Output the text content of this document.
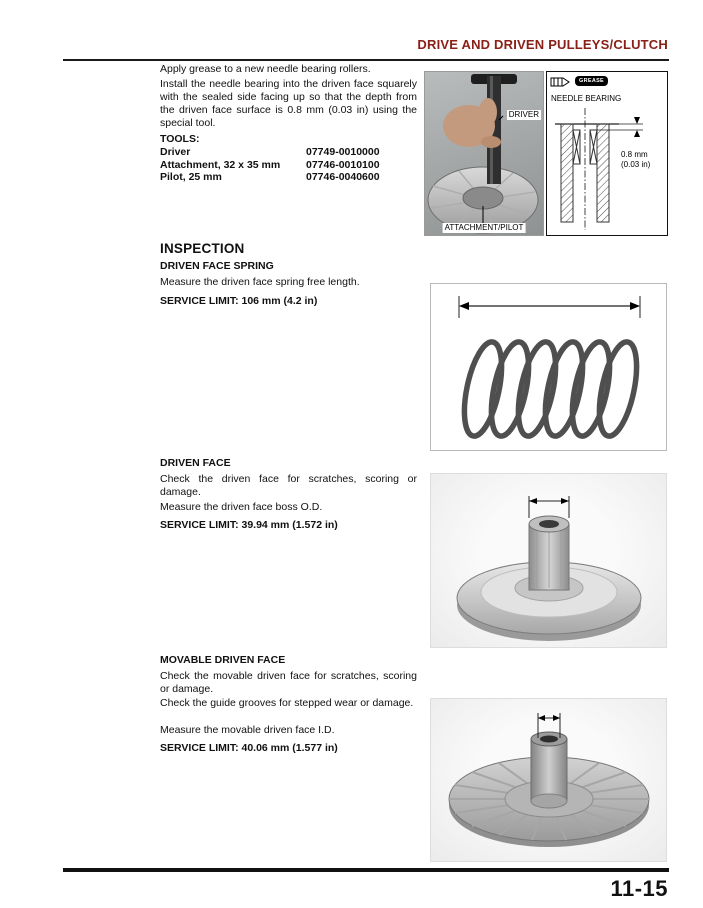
DRIVE AND DRIVEN PULLEYS/CLUTCH
Apply grease to a new needle bearing rollers.
Install the needle bearing into the driven face squarely with the sealed side facing up so that the depth from the driven face surface is 0.8 mm (0.03 in) using the special tool.
TOOLS:
Driver	07749-0010000
Attachment, 32 x 35 mm	07746-0010100
Pilot, 25 mm	07746-0040600
DRIVER
ATTACHMENT/PILOT
GREASE
NEEDLE BEARING
0.8 mm
(0.03 in)
INSPECTION
DRIVEN FACE SPRING
Measure the driven face spring free length.
SERVICE LIMIT: 106 mm (4.2 in)
DRIVEN FACE
Check the driven face for scratches, scoring or damage.
Measure the driven face boss O.D.
SERVICE LIMIT: 39.94 mm (1.572 in)
MOVABLE DRIVEN FACE
Check the movable driven face for scratches, scoring or damage.
Check the guide grooves for stepped wear or damage.
Measure the movable driven face I.D.
SERVICE LIMIT: 40.06 mm (1.577 in)
11-15
